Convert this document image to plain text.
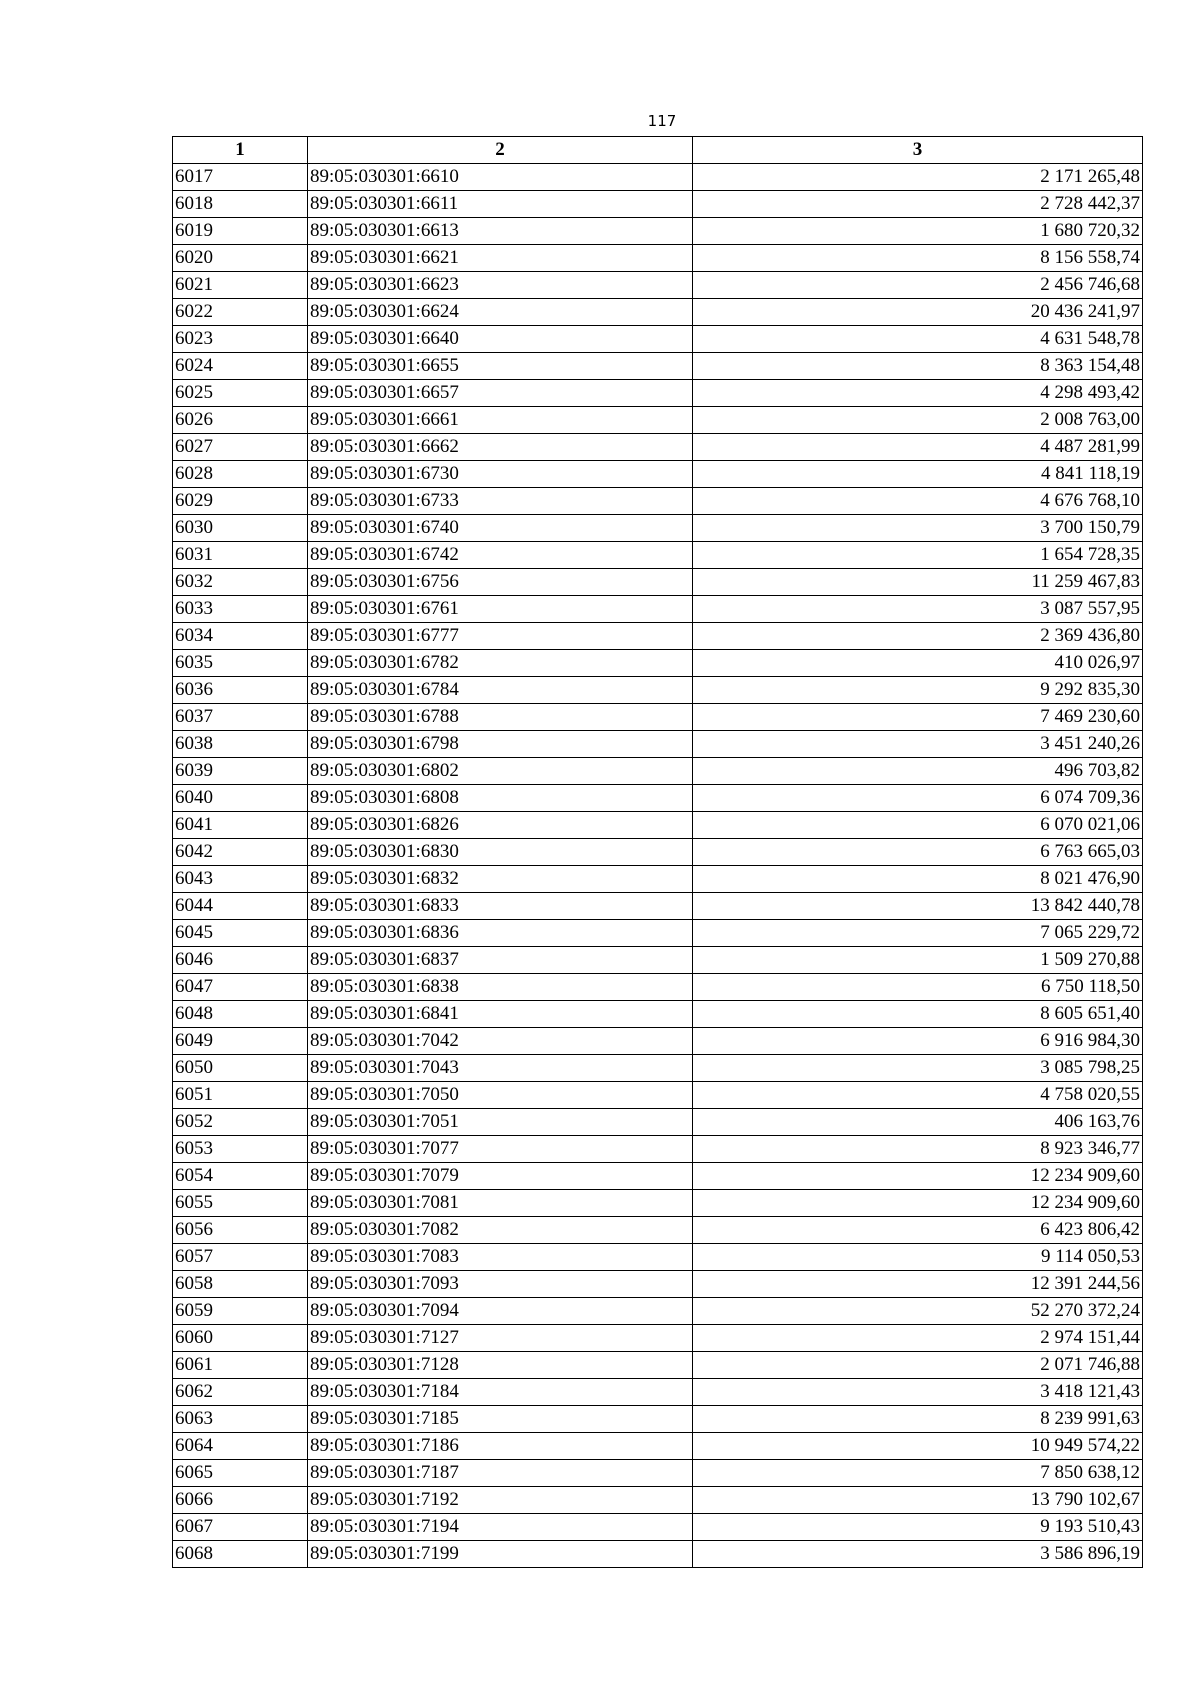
117
1	2	3
6017	89:05:030301:6610	2 171 265,48
6018	89:05:030301:6611	2 728 442,37
6019	89:05:030301:6613	1 680 720,32
6020	89:05:030301:6621	8 156 558,74
6021	89:05:030301:6623	2 456 746,68
6022	89:05:030301:6624	20 436 241,97
6023	89:05:030301:6640	4 631 548,78
6024	89:05:030301:6655	8 363 154,48
6025	89:05:030301:6657	4 298 493,42
6026	89:05:030301:6661	2 008 763,00
6027	89:05:030301:6662	4 487 281,99
6028	89:05:030301:6730	4 841 118,19
6029	89:05:030301:6733	4 676 768,10
6030	89:05:030301:6740	3 700 150,79
6031	89:05:030301:6742	1 654 728,35
6032	89:05:030301:6756	11 259 467,83
6033	89:05:030301:6761	3 087 557,95
6034	89:05:030301:6777	2 369 436,80
6035	89:05:030301:6782	410 026,97
6036	89:05:030301:6784	9 292 835,30
6037	89:05:030301:6788	7 469 230,60
6038	89:05:030301:6798	3 451 240,26
6039	89:05:030301:6802	496 703,82
6040	89:05:030301:6808	6 074 709,36
6041	89:05:030301:6826	6 070 021,06
6042	89:05:030301:6830	6 763 665,03
6043	89:05:030301:6832	8 021 476,90
6044	89:05:030301:6833	13 842 440,78
6045	89:05:030301:6836	7 065 229,72
6046	89:05:030301:6837	1 509 270,88
6047	89:05:030301:6838	6 750 118,50
6048	89:05:030301:6841	8 605 651,40
6049	89:05:030301:7042	6 916 984,30
6050	89:05:030301:7043	3 085 798,25
6051	89:05:030301:7050	4 758 020,55
6052	89:05:030301:7051	406 163,76
6053	89:05:030301:7077	8 923 346,77
6054	89:05:030301:7079	12 234 909,60
6055	89:05:030301:7081	12 234 909,60
6056	89:05:030301:7082	6 423 806,42
6057	89:05:030301:7083	9 114 050,53
6058	89:05:030301:7093	12 391 244,56
6059	89:05:030301:7094	52 270 372,24
6060	89:05:030301:7127	2 974 151,44
6061	89:05:030301:7128	2 071 746,88
6062	89:05:030301:7184	3 418 121,43
6063	89:05:030301:7185	8 239 991,63
6064	89:05:030301:7186	10 949 574,22
6065	89:05:030301:7187	7 850 638,12
6066	89:05:030301:7192	13 790 102,67
6067	89:05:030301:7194	9 193 510,43
6068	89:05:030301:7199	3 586 896,19
